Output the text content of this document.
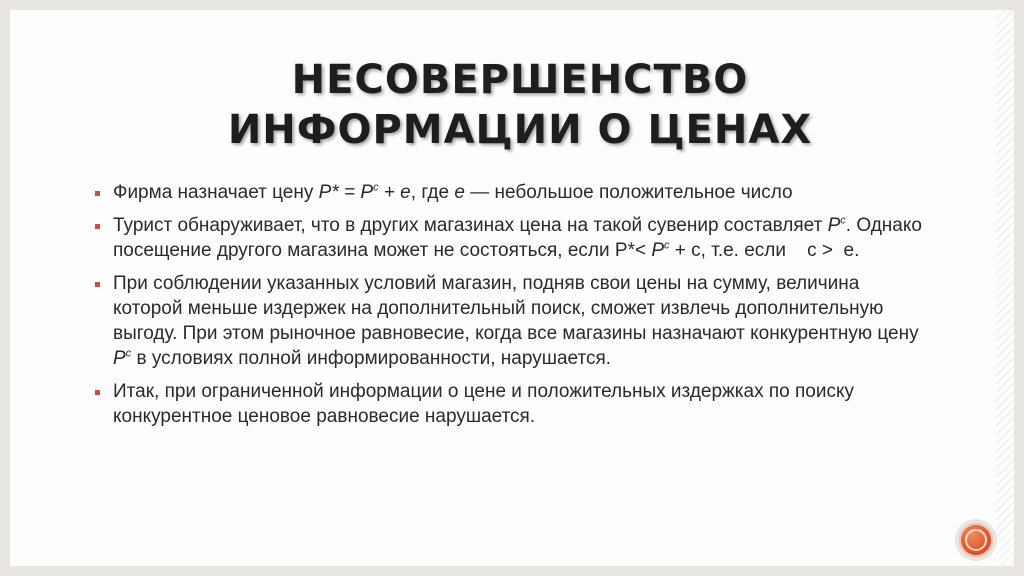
НЕСОВЕРШЕНСТВО
ИНФОРМАЦИИ О ЦЕНАХ
Фирма назначает цену $P* = P^c + e$, где e — небольшое положительное число
Турист обнаруживает, что в других магазинах цена на такой сувенир составляет $P^c$. Однако посещение другого магазина может не состояться, если $P*< P^c + с$, т.е. если    с >  е.
При соблюдении указанных условий магазин, подняв свои цены на сумму, величина которой меньше издержек на дополнительный поиск, сможет извлечь дополнительную выгоду. При этом рыночное равновесие, когда все магазины назначают конкурентную цену $P^c$ в условиях полной информированности, нарушается.
Итак, при ограниченной информации о цене и положительных издержках по поиску конкурентное ценовое равновесие нарушается.
